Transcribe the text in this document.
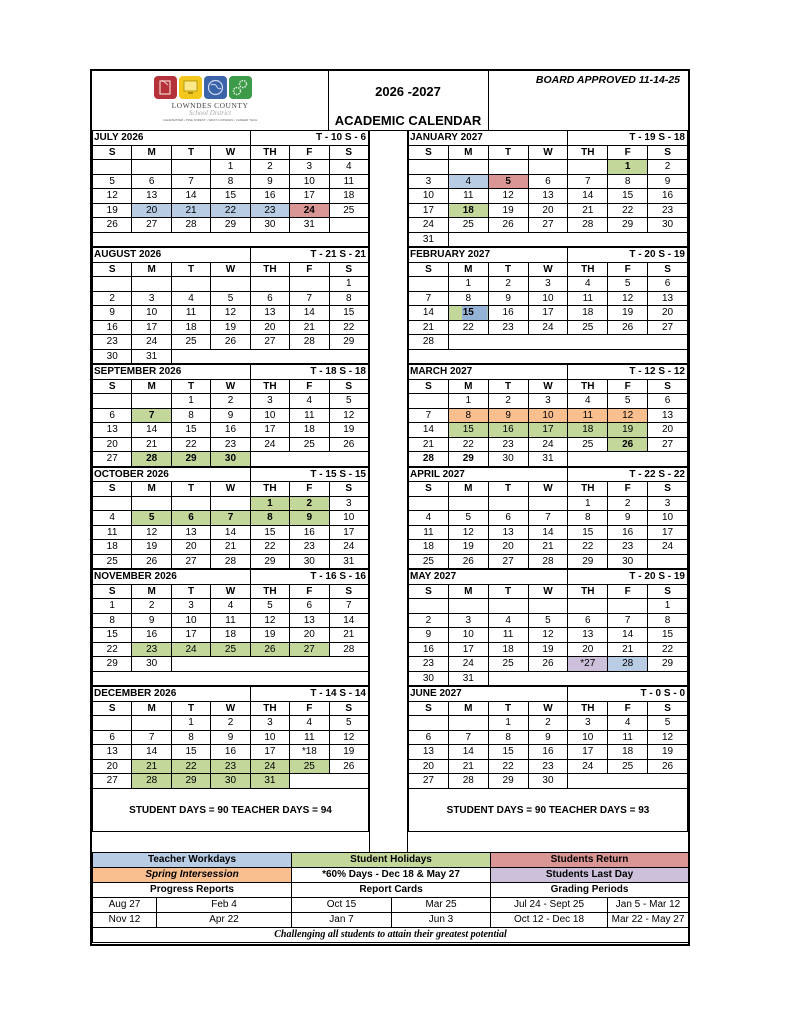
LOWNDES COUNTY
School District
CLEARWATER • PINE FOREST • WEST LOWNDES • CAREER TECH
2026 -2027
ACADEMIC CALENDAR
BOARD APPROVED 11-14-25
JULY 2026				T - 10 S - 6		
S	M	T	W	TH	F	S
			1	2	3	4
5	6	7	8	9	10	11
12	13	14	15	16	17	18
19	20	21	22	23	24	25
26	27	28	29	30	31	

AUGUST 2026				T - 21 S - 21		
S	M	T	W	TH	F	S
						1
2	3	4	5	6	7	8
9	10	11	12	13	14	15
16	17	18	19	20	21	22
23	24	25	26	27	28	29
30	31					
SEPTEMBER 2026				T - 18 S - 18		
S	M	T	W	TH	F	S
		1	2	3	4	5
6	7	8	9	10	11	12
13	14	15	16	17	18	19
20	21	22	23	24	25	26
27	28	29	30			
OCTOBER 2026				T - 15 S - 15		
S	M	T	W	TH	F	S
				1	2	3
4	5	6	7	8	9	10
11	12	13	14	15	16	17
18	19	20	21	22	23	24
25	26	27	28	29	30	31
NOVEMBER 2026				T - 16 S - 16		
S	M	T	W	TH	F	S
1	2	3	4	5	6	7
8	9	10	11	12	13	14
15	16	17	18	19	20	21
22	23	24	25	26	27	28
29	30					

DECEMBER 2026				T - 14 S - 14		
S	M	T	W	TH	F	S
		1	2	3	4	5
6	7	8	9	10	11	12
13	14	15	16	17	*18	19
20	21	22	23	24	25	26
27	28	29	30	31		
STUDENT DAYS = 90 TEACHER DAYS = 94
JANUARY 2027				T - 19 S - 18		
S	M	T	W	TH	F	S
					1	2
3	4	5	6	7	8	9
10	11	12	13	14	15	16
17	18	19	20	21	22	23
24	25	26	27	28	29	30
31						
FEBRUARY 2027				T - 20 S - 19		
S	M	T	W	TH	F	S
	1	2	3	4	5	6
7	8	9	10	11	12	13
14	15	16	17	18	19	20
21	22	23	24	25	26	27
28						

MARCH 2027				T - 12 S - 12		
S	M	T	W	TH	F	S
	1	2	3	4	5	6
7	8	9	10	11	12	13
14	15	16	17	18	19	20
21	22	23	24	25	26	27
28	29	30	31			
APRIL 2027				T - 22 S - 22		
S	M	T	W	TH	F	S
				1	2	3
4	5	6	7	8	9	10
11	12	13	14	15	16	17
18	19	20	21	22	23	24
25	26	27	28	29	30	
MAY 2027				T - 20 S - 19		
S	M	T	W	TH	F	S
						1
2	3	4	5	6	7	8
9	10	11	12	13	14	15
16	17	18	19	20	21	22
23	24	25	26	*27	28	29
30	31					
JUNE 2027				T - 0 S - 0		
S	M	T	W	TH	F	S
		1	2	3	4	5
6	7	8	9	10	11	12
13	14	15	16	17	18	19
20	21	22	23	24	25	26
27	28	29	30			
STUDENT DAYS = 90 TEACHER DAYS = 93
Teacher Workdays		Student Holidays		Students Return	
Spring Intersession		*60% Days - Dec 18 & May 27		Students Last Day	
Progress Reports		Report Cards		Grading Periods	
Aug 27	Feb 4	Oct 15	Mar 25	Jul 24 - Sept 25	Jan 5 - Mar 12
Nov 12	Apr 22	Jan 7	Jun 3	Oct 12 - Dec 18	Mar 22 - May 27
Challenging all students to attain their greatest potential					
